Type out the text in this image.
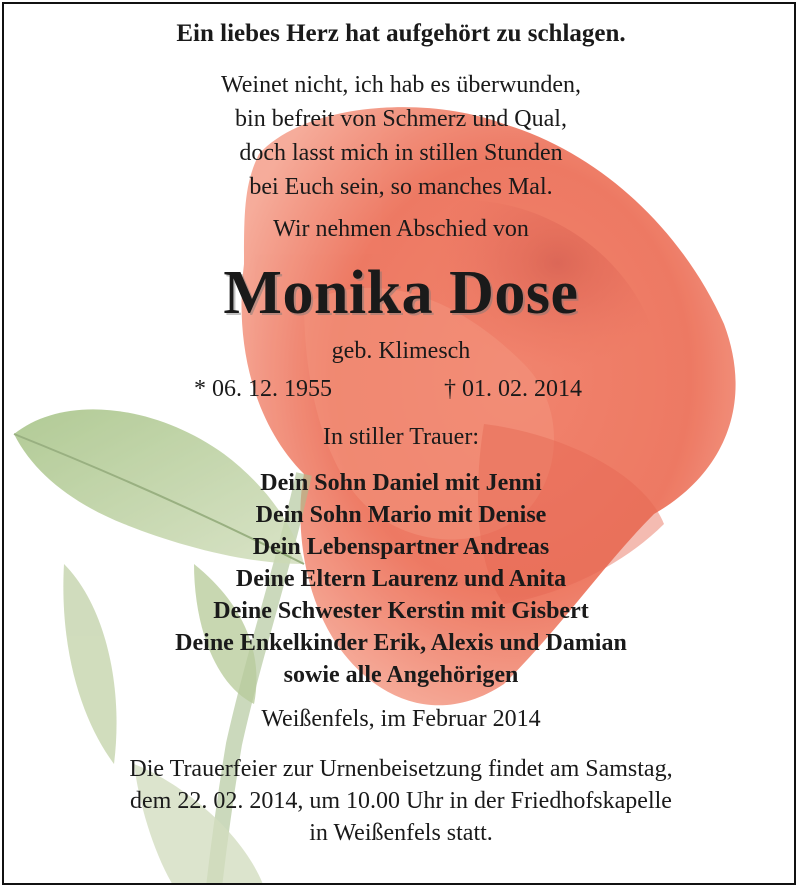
Ein liebes Herz hat aufgehört zu schlagen.
Weinet nicht, ich hab es überwunden,
bin befreit von Schmerz und Qual,
doch lasst mich in stillen Stunden
bei Euch sein, so manches Mal.
Wir nehmen Abschied von
Monika Dose
geb. Klimesch
* 06. 12. 1955	† 01. 02. 2014
In stiller Trauer:
Dein Sohn Daniel mit Jenni
Dein Sohn Mario mit Denise
Dein Lebenspartner Andreas
Deine Eltern Laurenz und Anita
Deine Schwester Kerstin mit Gisbert
Deine Enkelkinder Erik, Alexis und Damian
sowie alle Angehörigen
Weißenfels, im Februar 2014
Die Trauerfeier zur Urnenbeisetzung findet am Samstag,
dem 22. 02. 2014, um 10.00 Uhr in der Friedhofskapelle
in Weißenfels statt.
